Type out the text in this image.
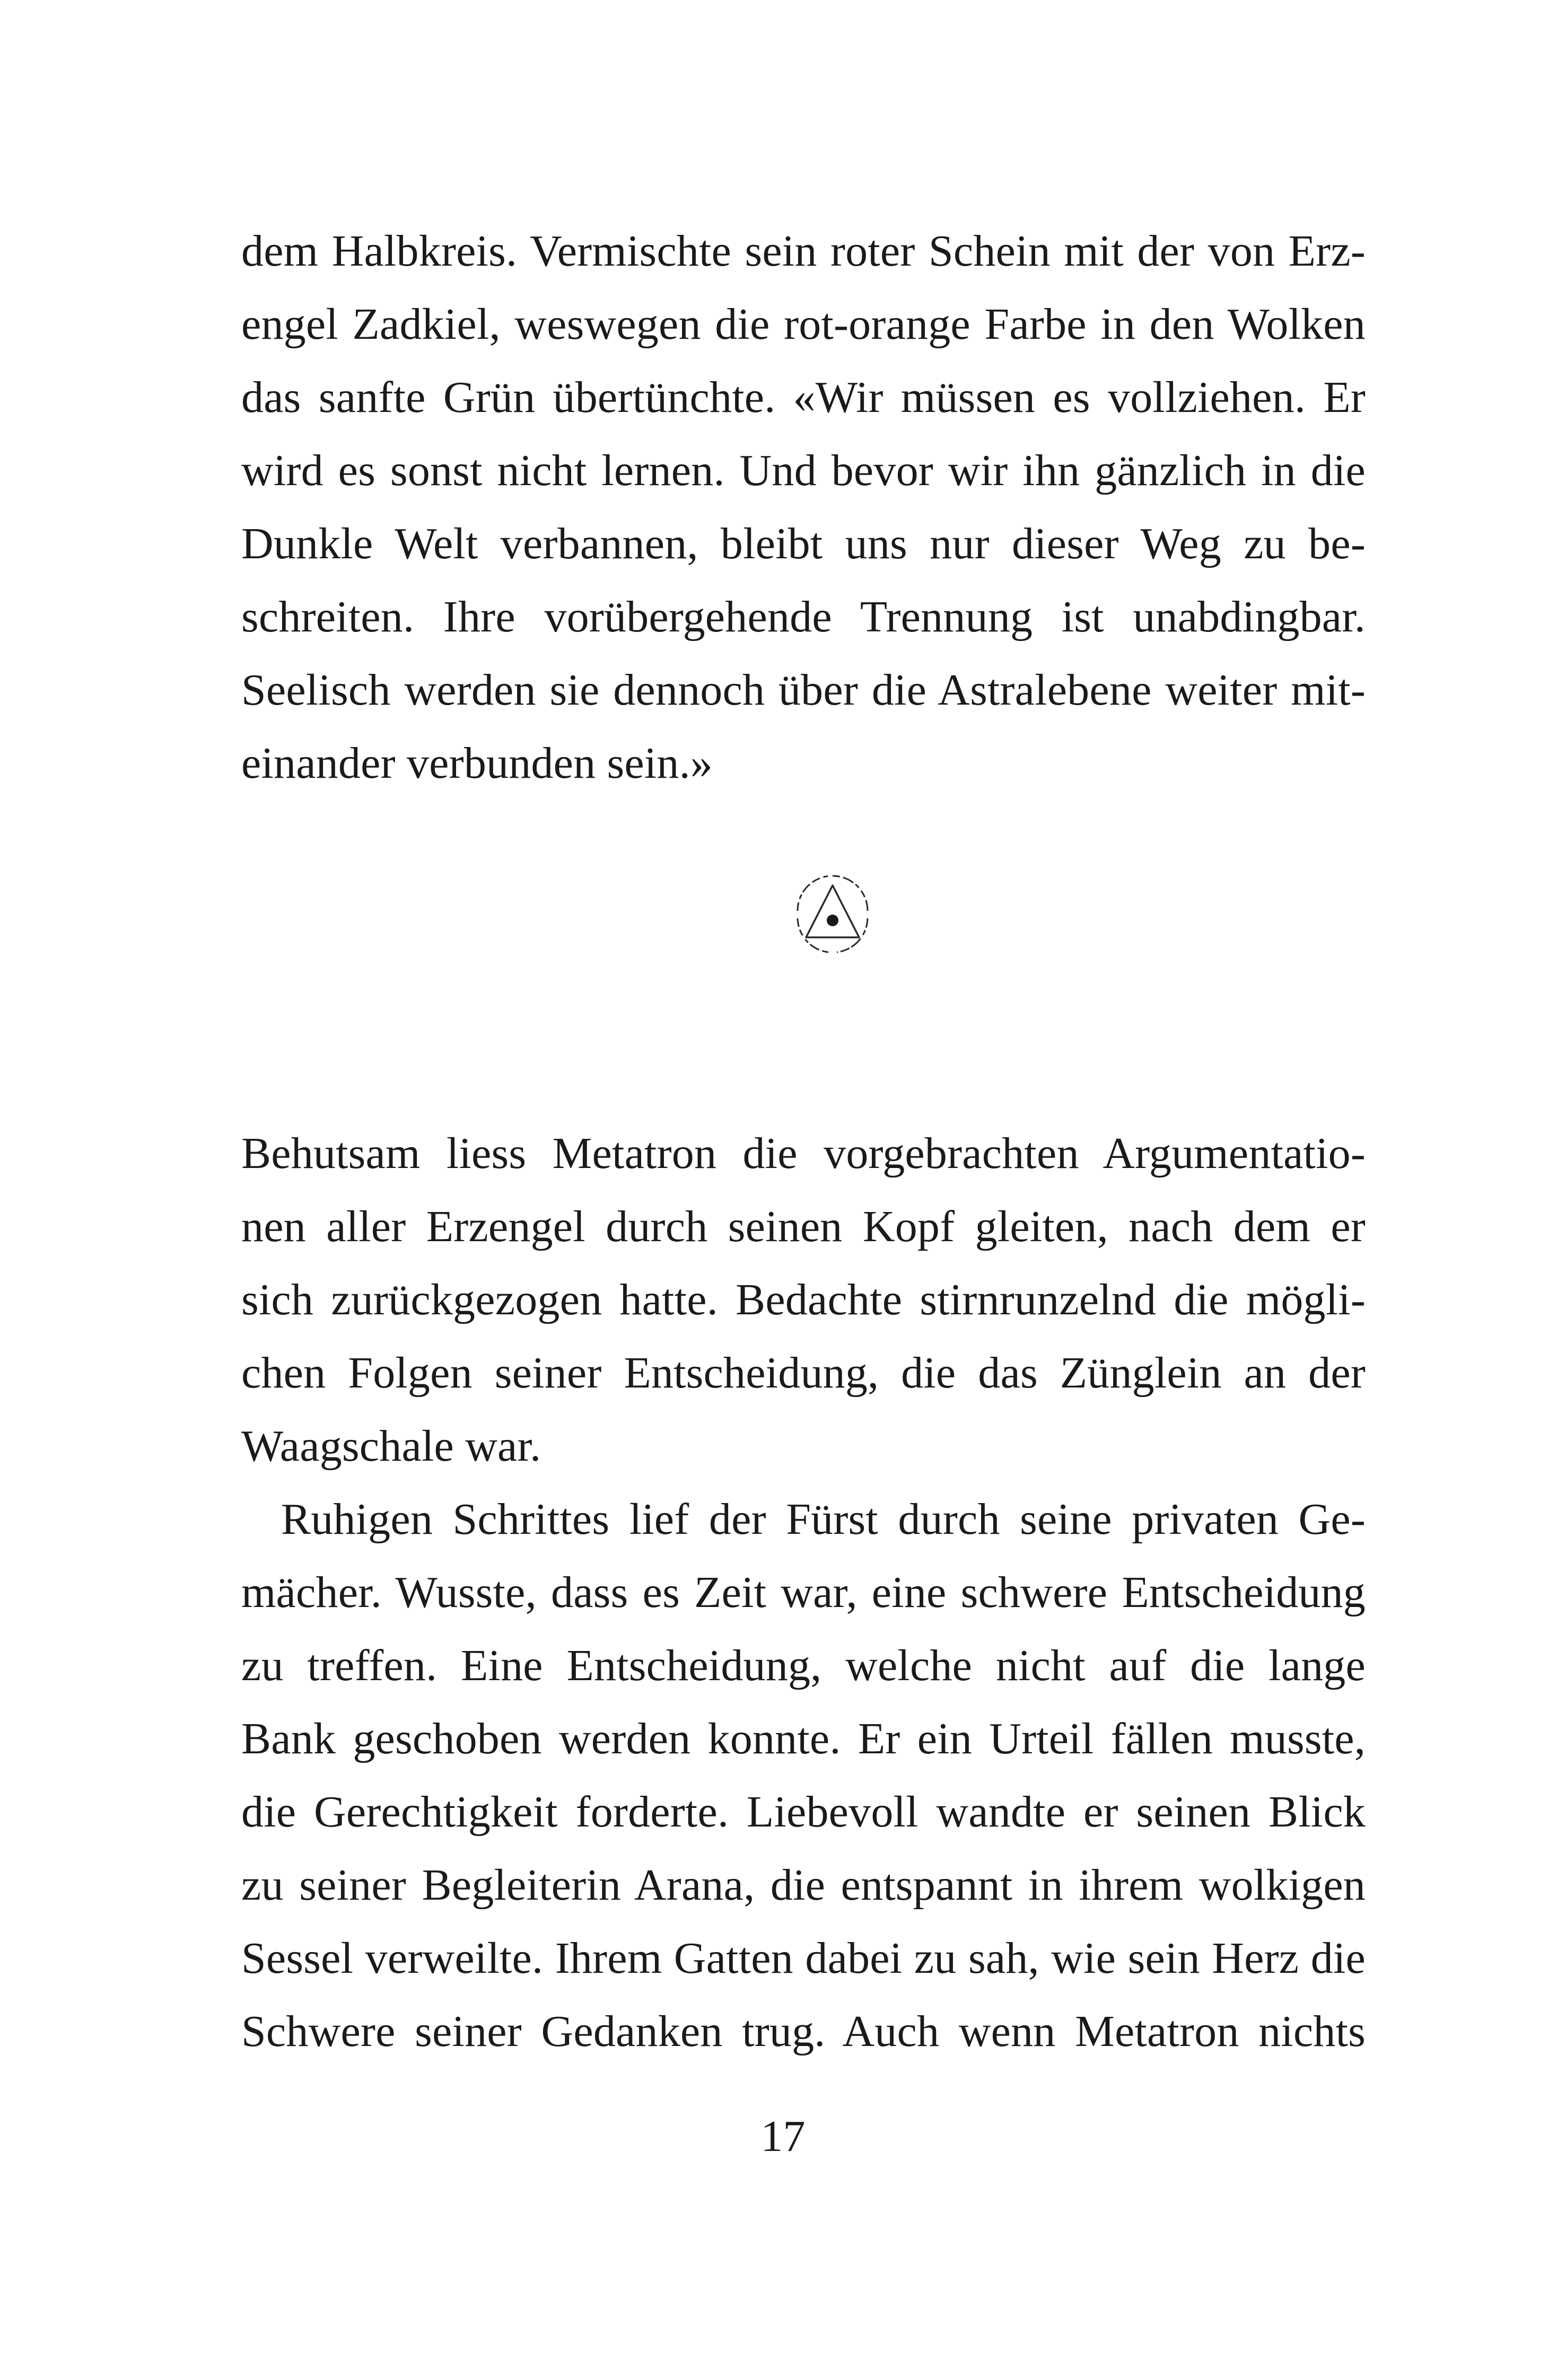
dem Halbkreis. Vermischte sein roter Schein mit der von Erz-
engel Zadkiel, weswegen die rot-orange Farbe in den Wolken
das sanfte Grün übertünchte. «Wir müssen es vollziehen. Er
wird es sonst nicht lernen. Und bevor wir ihn gänzlich in die
Dunkle Welt verbannen, bleibt uns nur dieser Weg zu be-
schreiten. Ihre vorübergehende Trennung ist unabdingbar.
Seelisch werden sie dennoch über die Astralebene weiter mit-
einander verbunden sein.»
Behutsam liess Metatron die vorgebrachten Argumentatio-
nen aller Erzengel durch seinen Kopf gleiten, nach dem er
sich zurückgezogen hatte. Bedachte stirnrunzelnd die mögli-
chen Folgen seiner Entscheidung, die das Zünglein an der
Waagschale war.
Ruhigen Schrittes lief der Fürst durch seine privaten Ge-
mächer. Wusste, dass es Zeit war, eine schwere Entscheidung
zu treffen. Eine Entscheidung, welche nicht auf die lange
Bank geschoben werden konnte. Er ein Urteil fällen musste,
die Gerechtigkeit forderte. Liebevoll wandte er seinen Blick
zu seiner Begleiterin Arana, die entspannt in ihrem wolkigen
Sessel verweilte. Ihrem Gatten dabei zu sah, wie sein Herz die
Schwere seiner Gedanken trug. Auch wenn Metatron nichts
17
